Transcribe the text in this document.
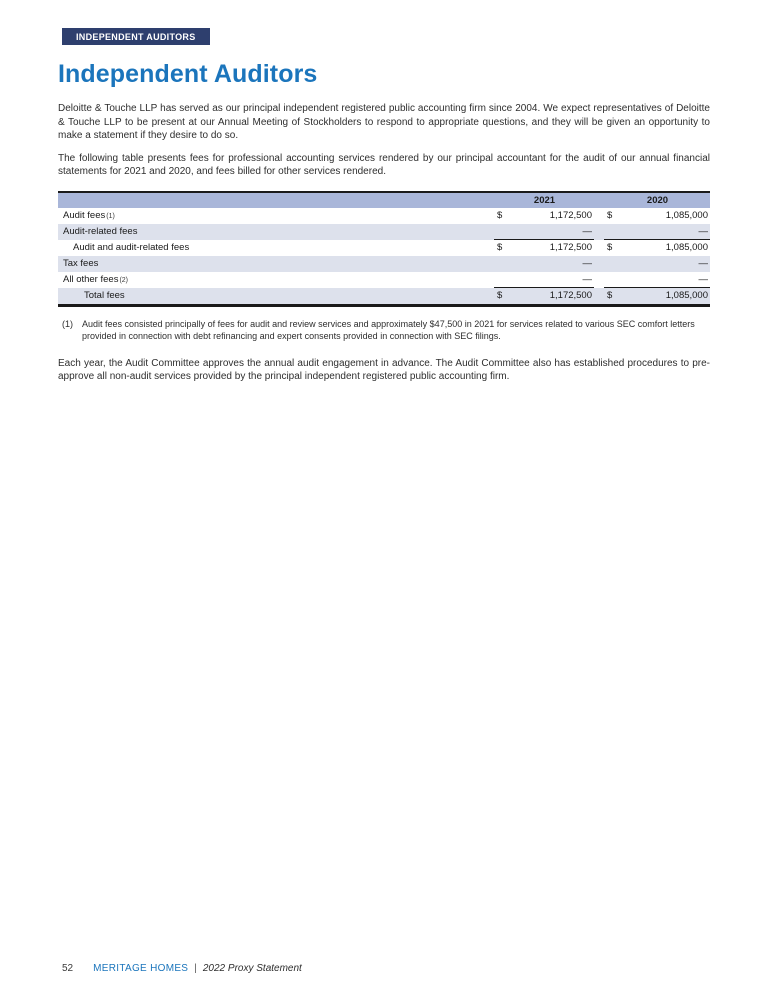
INDEPENDENT AUDITORS
Independent Auditors

Deloitte & Touche LLP has served as our principal independent registered public accounting firm since 2004. We expect representatives of Deloitte & Touche LLP to be present at our Annual Meeting of Stockholders to respond to appropriate questions, and they will be given an opportunity to make a statement if they desire to do so.

The following table presents fees for professional accounting services rendered by our principal accountant for the audit of our annual financial statements for 2021 and 2020, and fees billed for other services rendered.

2021	2020
Audit fees(1)	$	1,172,500 $	1,085,000
Audit-related fees	—	—
Audit and audit-related fees	$	1,172,500 $	1,085,000
Tax fees	—	—
All other fees(2)	—	—
Total fees	$	1,172,500 $	1,085,000
(1)	Audit fees consisted principally of fees for audit and review services and approximately $47,500 in 2021 for services related to various SEC comfort letters provided in connection with debt refinancing and expert consents provided in connection with SEC filings.

Each year, the Audit Committee approves the annual audit engagement in advance. The Audit Committee also has established procedures to pre-approve all non-audit services provided by the principal independent registered public accounting firm.

52 MERITAGE HOMES | 2022 Proxy Statement
